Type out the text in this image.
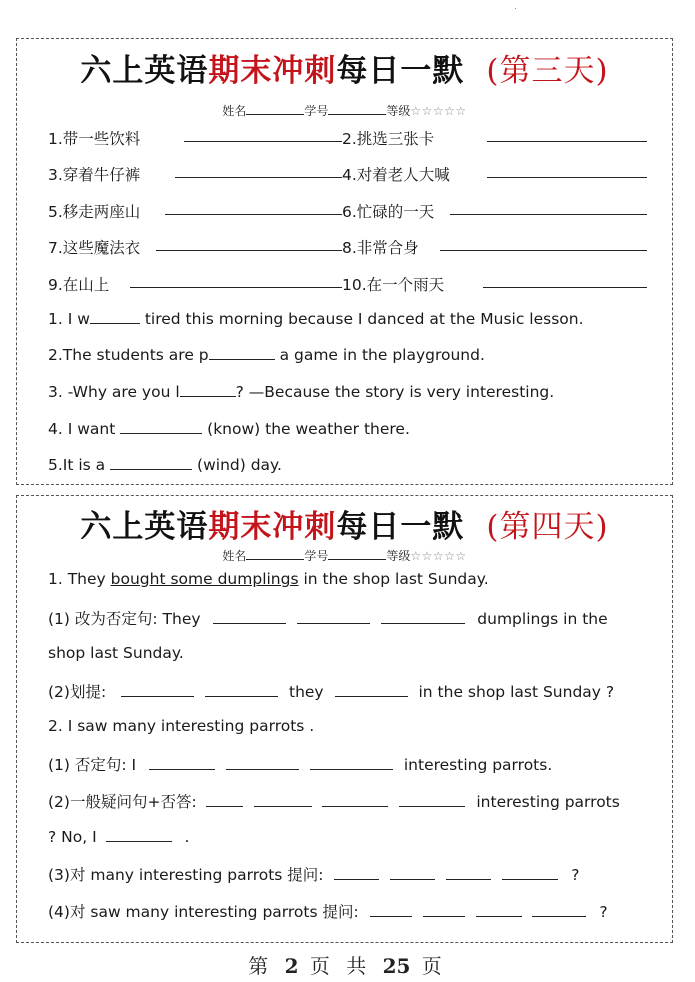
.
六上英语期末冲刺每日一默 (第三天)
姓名	学号	等级☆☆☆☆☆
1.带一些饮料	2.挑选三张卡
3.穿着牛仔裤	4.对着老人大喊
5.移走两座山	6.忙碌的一天
7.这些魔法衣	8.非常合身
9.在山上	10.在一个雨天
1. I w	tired this morning because I danced at the Music lesson.
2.The students are p	a game in the playground.
3. -Why are you l	? —Because the story is very interesting.
4. I want	(know) the weather there.
5.It is a	(wind) day.
六上英语期末冲刺每日一默 (第四天)
姓名	学号	等级☆☆☆☆☆
1. They bought some dumplings in the shop last Sunday.
(1) 改为否定句: They	dumplings in the
shop last Sunday.
(2)划提:	they	in the shop last Sunday ?
2. I saw many interesting parrots .
(1) 否定句: I	interesting parrots.
(2)一般疑问句+否答:	interesting parrots
? No, I	.
(3)对 many interesting parrots 提问:	?
(4)对 saw many interesting parrots 提问:	?
第 2 页 共 25 页
